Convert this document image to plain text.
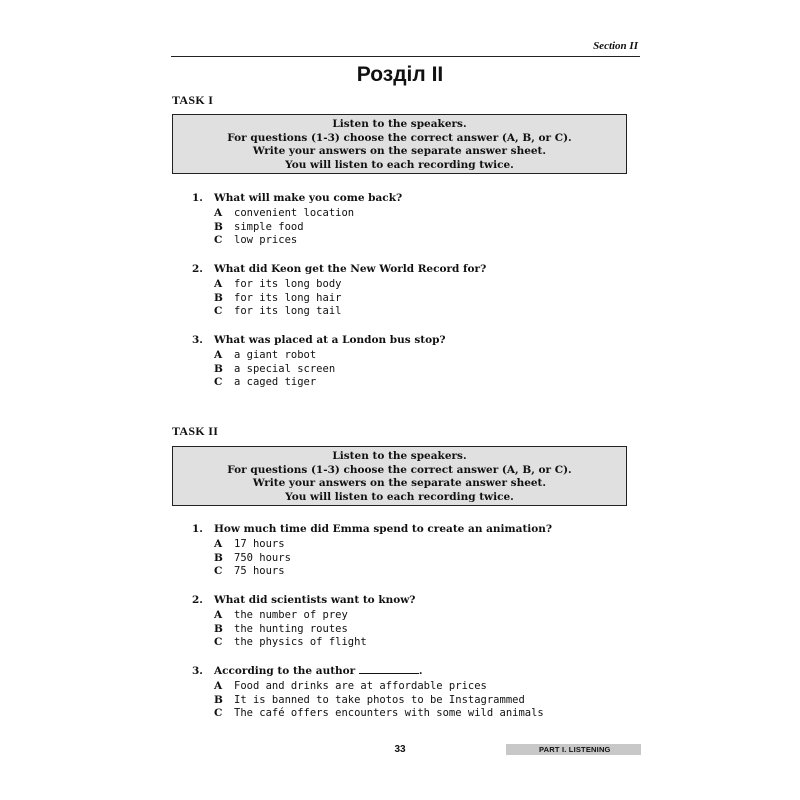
Section II
Розділ II
TASK I
Listen to the speakers.
For questions (1-3) choose the correct answer (A, B, or C).
Write your answers on the separate answer sheet.
You will listen to each recording twice.
1. What will make you come back?
A convenient location
B simple food
C low prices
2. What did Keon get the New World Record for?
A for its long body
B for its long hair
C for its long tail
3. What was placed at a London bus stop?
A a giant robot
B a special screen
C a caged tiger
TASK II
Listen to the speakers.
For questions (1-3) choose the correct answer (A, B, or C).
Write your answers on the separate answer sheet.
You will listen to each recording twice.
1. How much time did Emma spend to create an animation?
A 17 hours
B 750 hours
C 75 hours
2. What did scientists want to know?
A the number of prey
B the hunting routes
C the physics of flight
3. According to the author	.
A Food and drinks are at affordable prices
B It is banned to take photos to be Instagrammed
C The café offers encounters with some wild animals
33	PART I. LISTENING
